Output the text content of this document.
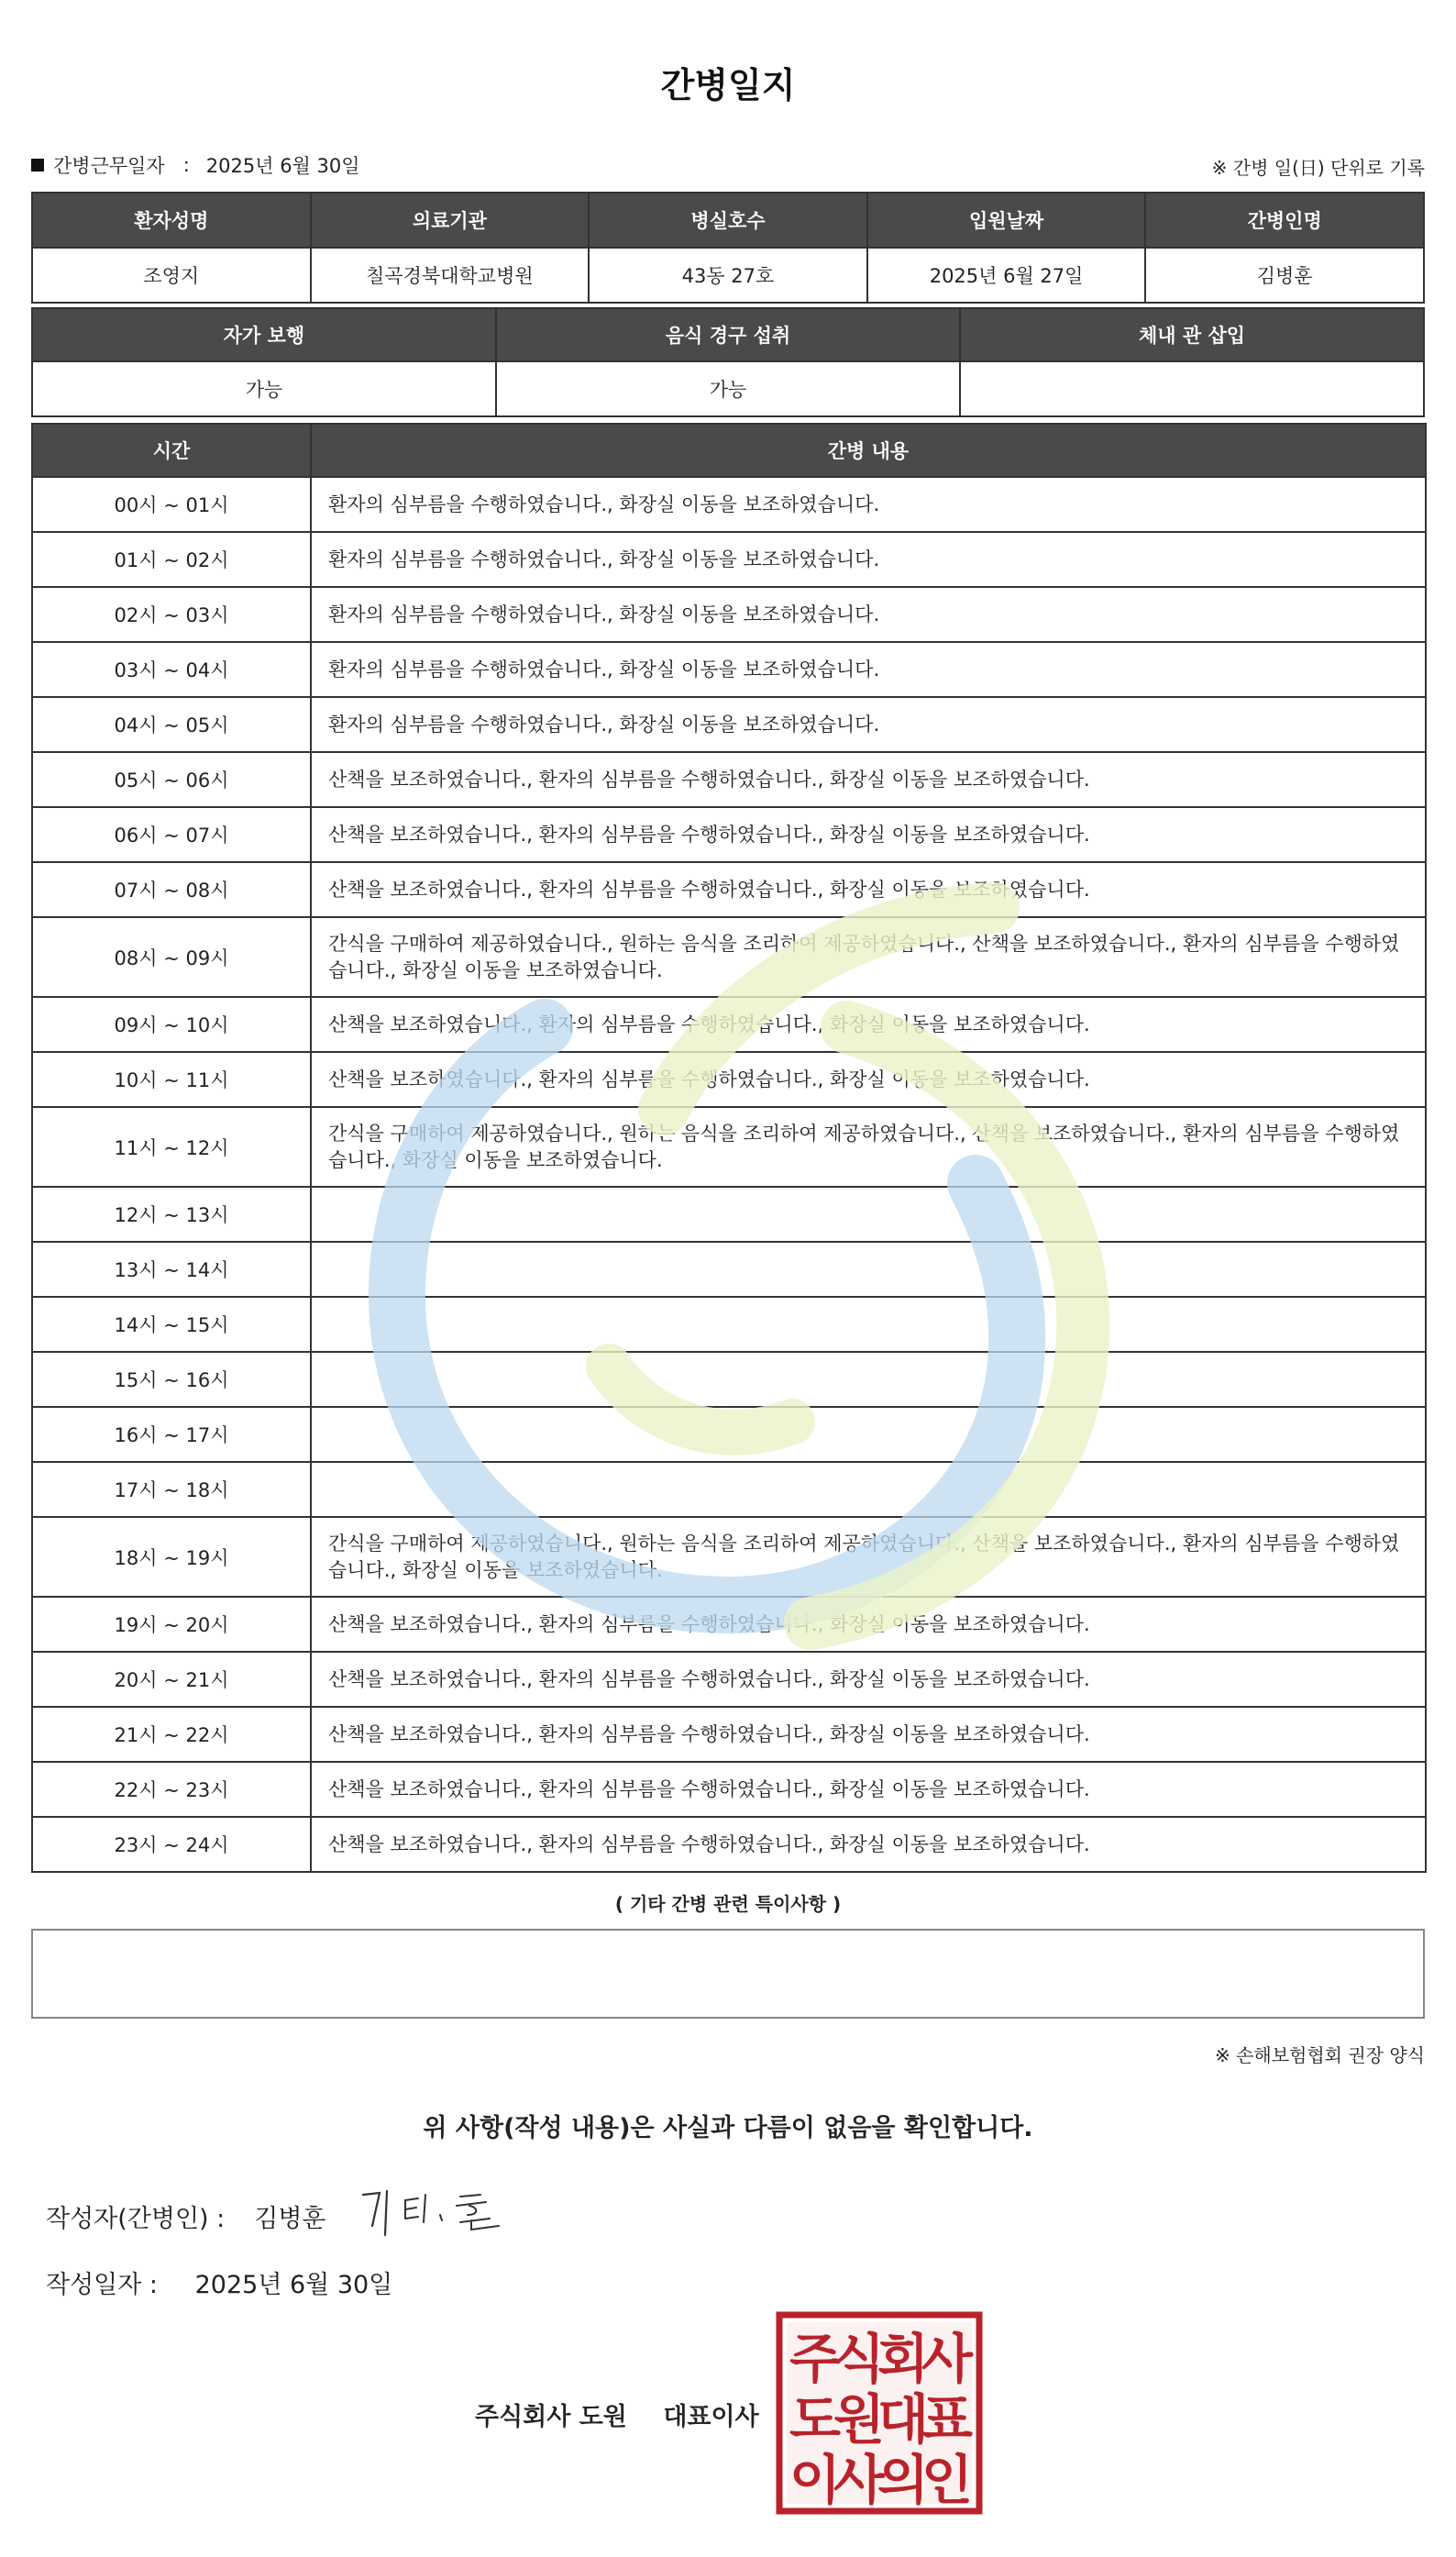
간병일지
간병근무일자 : 2025년 6월 30일	※ 간병 일(日) 단위로 기록
환자성명	의료기관	병실호수	입원날짜	간병인명
조영지	칠곡경북대학교병원	43동 27호	2025년 6월 27일	김병훈
자가 보행	음식 경구 섭취	체내 관 삽입
가능	가능	
시간	간병 내용
00시 ~ 01시	환자의 심부름을 수행하였습니다., 화장실 이동을 보조하였습니다.
01시 ~ 02시	환자의 심부름을 수행하였습니다., 화장실 이동을 보조하였습니다.
02시 ~ 03시	환자의 심부름을 수행하였습니다., 화장실 이동을 보조하였습니다.
03시 ~ 04시	환자의 심부름을 수행하였습니다., 화장실 이동을 보조하였습니다.
04시 ~ 05시	환자의 심부름을 수행하였습니다., 화장실 이동을 보조하였습니다.
05시 ~ 06시	산책을 보조하였습니다., 환자의 심부름을 수행하였습니다., 화장실 이동을 보조하였습니다.
06시 ~ 07시	산책을 보조하였습니다., 환자의 심부름을 수행하였습니다., 화장실 이동을 보조하였습니다.
07시 ~ 08시	산책을 보조하였습니다., 환자의 심부름을 수행하였습니다., 화장실 이동을 보조하였습니다.
08시 ~ 09시	간식을 구매하여 제공하였습니다., 원하는 음식을 조리하여 제공하였습니다., 산책을 보조하였습니다., 환자의 심부름을 수행하였습니다., 화장실 이동을 보조하였습니다.
09시 ~ 10시	산책을 보조하였습니다., 환자의 심부름을 수행하였습니다., 화장실 이동을 보조하였습니다.
10시 ~ 11시	산책을 보조하였습니다., 환자의 심부름을 수행하였습니다., 화장실 이동을 보조하였습니다.
11시 ~ 12시	간식을 구매하여 제공하였습니다., 원하는 음식을 조리하여 제공하였습니다., 산책을 보조하였습니다., 환자의 심부름을 수행하였습니다., 화장실 이동을 보조하였습니다.
12시 ~ 13시	
13시 ~ 14시	
14시 ~ 15시	
15시 ~ 16시	
16시 ~ 17시	
17시 ~ 18시	
18시 ~ 19시	간식을 구매하여 제공하였습니다., 원하는 음식을 조리하여 제공하였습니다., 산책을 보조하였습니다., 환자의 심부름을 수행하였습니다., 화장실 이동을 보조하였습니다.
19시 ~ 20시	산책을 보조하였습니다., 환자의 심부름을 수행하였습니다., 화장실 이동을 보조하였습니다.
20시 ~ 21시	산책을 보조하였습니다., 환자의 심부름을 수행하였습니다., 화장실 이동을 보조하였습니다.
21시 ~ 22시	산책을 보조하였습니다., 환자의 심부름을 수행하였습니다., 화장실 이동을 보조하였습니다.
22시 ~ 23시	산책을 보조하였습니다., 환자의 심부름을 수행하였습니다., 화장실 이동을 보조하였습니다.
23시 ~ 24시	산책을 보조하였습니다., 환자의 심부름을 수행하였습니다., 화장실 이동을 보조하였습니다.
( 기타 간병 관련 특이사항 )
※ 손해보험협회 권장 양식
위 사항(작성 내용)은 사실과 다름이 없음을 확인합니다.
작성자(간병인) : 김병훈
작성일자 : 2025년 6월 30일
주식회사 도원 대표이사
주
식
회
사
도
원
대
표
이
사
의
인
